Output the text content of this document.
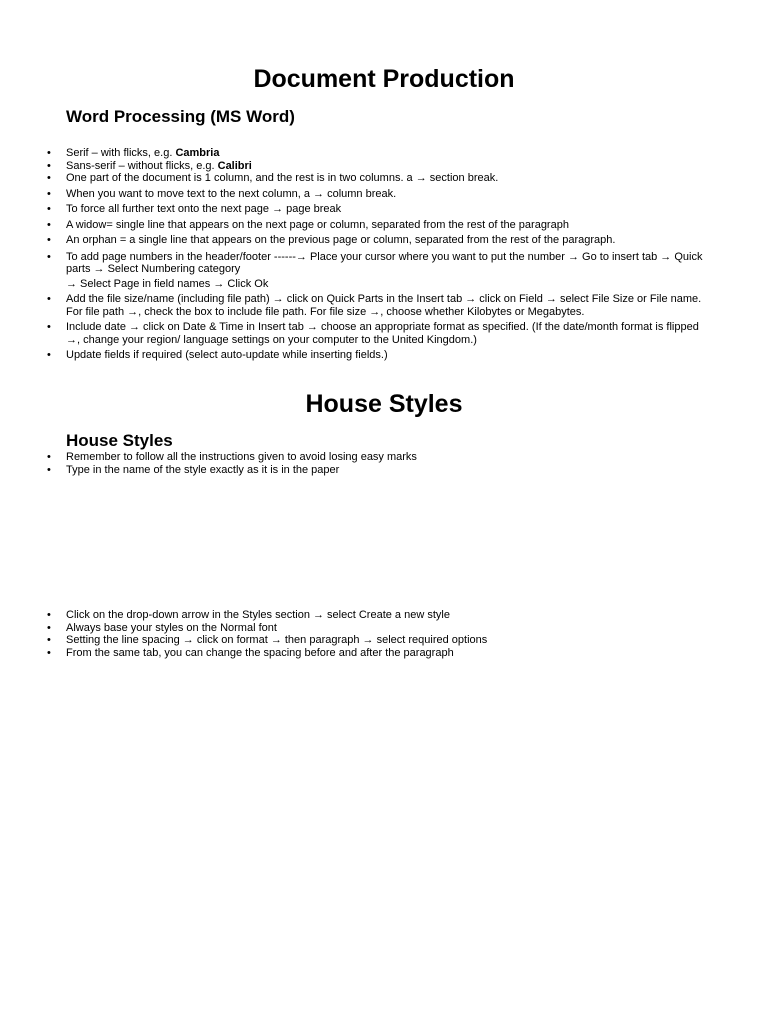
Document Production
Word Processing (MS Word)
• Serif – with flicks, e.g. Cambria
• Sans-serif – without flicks, e.g. Calibri
• One part of the document is 1 column, and the rest is in two columns. a → section break.
• When you want to move text to the next column, a → column break.
• To force all further text onto the next page → page break
• A widow= single line that appears on the next page or column, separated from the rest of the paragraph
• An orphan = a single line that appears on the previous page or column, separated from the rest of the paragraph.
• To add page numbers in the header/footer ------→ Place your cursor where you want to put the number → Go to insert tab → Quick parts → Select Numbering category
→ Select Page in field names → Click Ok
• Add the file size/name (including file path) → click on Quick Parts in the Insert tab → click on Field → select File Size or File name. For file path →, check the box to include file path. For file size →, choose whether Kilobytes or Megabytes.
• Include date → click on Date & Time in Insert tab → choose an appropriate format as specified. (If the date/month format is flipped →, change your region/ language settings on your computer to the United Kingdom.)
• Update fields if required (select auto-update while inserting fields.)
House Styles
House Styles
• Remember to follow all the instructions given to avoid losing easy marks
• Type in the name of the style exactly as it is in the paper
• Click on the drop-down arrow in the Styles section → select Create a new style
• Always base your styles on the Normal font
• Setting the line spacing → click on format → then paragraph → select required options
• From the same tab, you can change the spacing before and after the paragraph
